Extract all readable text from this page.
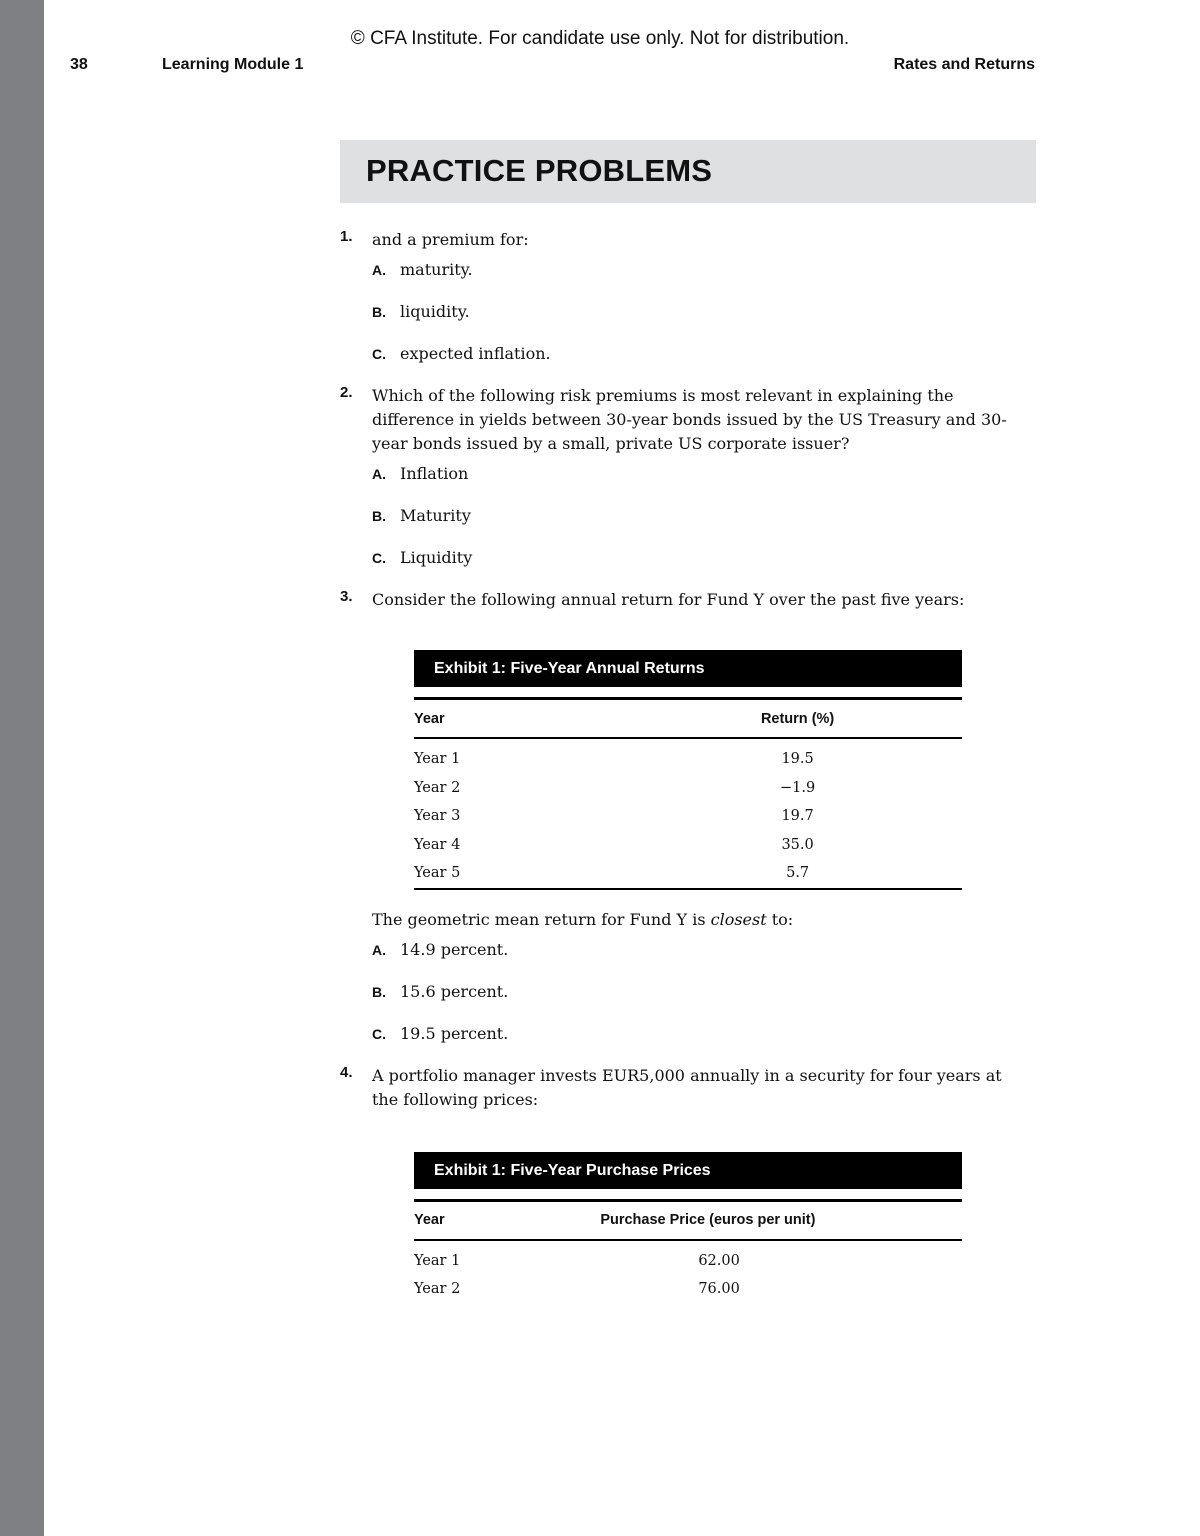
© CFA Institute. For candidate use only. Not for distribution.
38	Learning Module 1	Rates and Returns
PRACTICE PROBLEMS
1. and a premium for:
A. maturity.
B. liquidity.
C. expected inflation.
2. Which of the following risk premiums is most relevant in explaining the difference in yields between 30-year bonds issued by the US Treasury and 30-year bonds issued by a small, private US corporate issuer?
A. Inflation
B. Maturity
C. Liquidity
3. Consider the following annual return for Fund Y over the past five years:
Exhibit 1: Five-Year Annual Returns
Year	Return (%)
Year 1	19.5
Year 2	−1.9
Year 3	19.7
Year 4	35.0
Year 5	5.7
The geometric mean return for Fund Y is closest to:
A. 14.9 percent.
B. 15.6 percent.
C. 19.5 percent.
4. A portfolio manager invests EUR5,000 annually in a security for four years at the following prices:
Exhibit 1: Five-Year Purchase Prices
Year	Purchase Price (euros per unit)
Year 1	62.00
Year 2	76.00
